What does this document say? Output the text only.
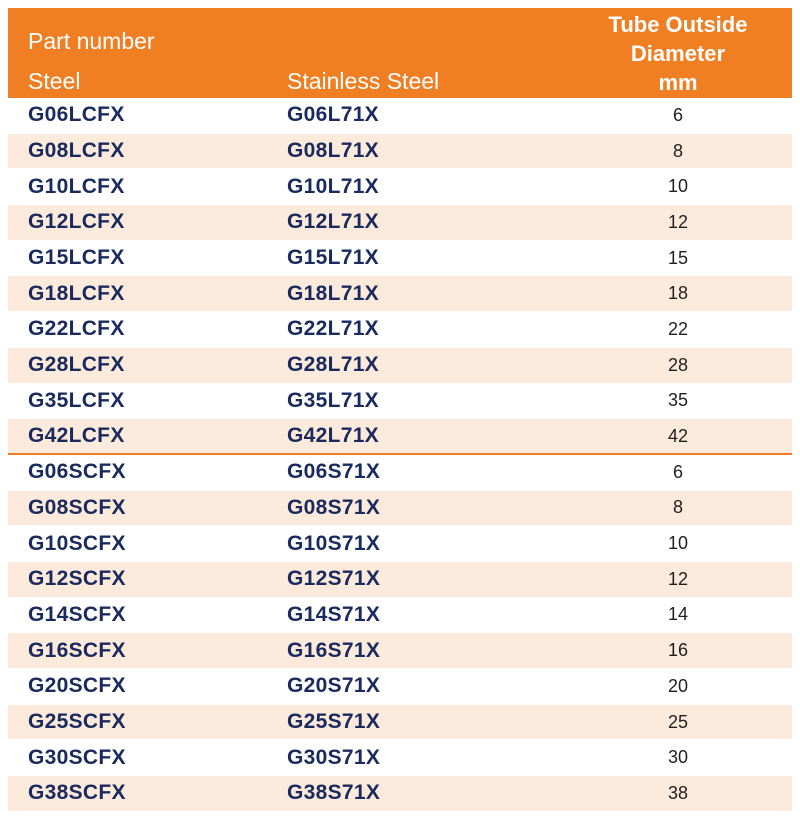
Part number
Steel	Stainless Steel
Tube Outside
Diameter
mm
G06LCFX	G06L71X	6
G08LCFX	G08L71X	8
G10LCFX	G10L71X	10
G12LCFX	G12L71X	12
G15LCFX	G15L71X	15
G18LCFX	G18L71X	18
G22LCFX	G22L71X	22
G28LCFX	G28L71X	28
G35LCFX	G35L71X	35
G42LCFX	G42L71X	42
G06SCFX	G06S71X	6
G08SCFX	G08S71X	8
G10SCFX	G10S71X	10
G12SCFX	G12S71X	12
G14SCFX	G14S71X	14
G16SCFX	G16S71X	16
G20SCFX	G20S71X	20
G25SCFX	G25S71X	25
G30SCFX	G30S71X	30
G38SCFX	G38S71X	38
